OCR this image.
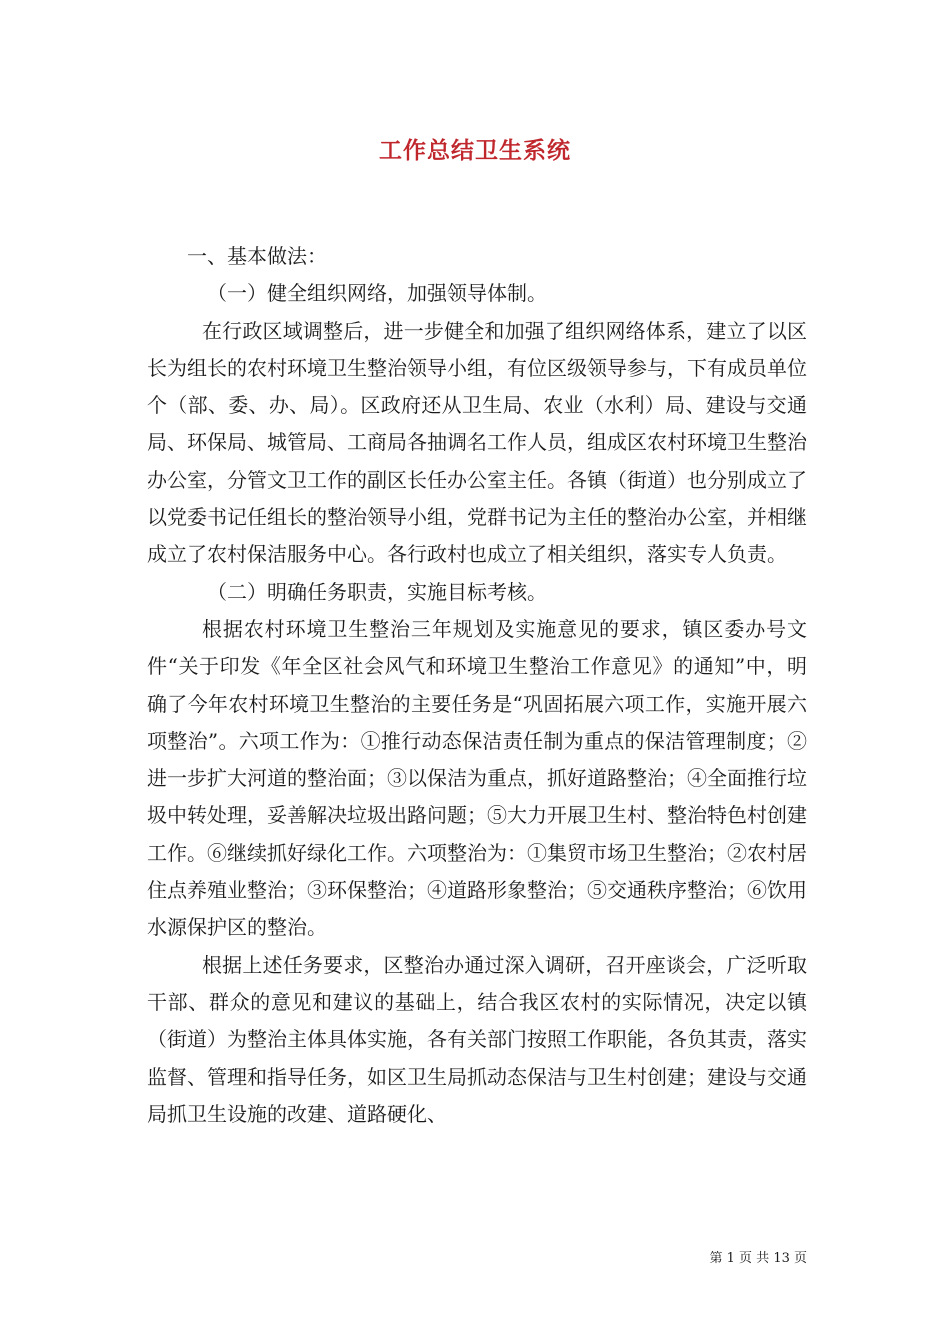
工作总结卫生系统

一、基本做法：

（一）健全组织网络，加强领导体制。

在行政区域调整后，进一步健全和加强了组织网络体系，建立了以区长为组长的农村环境卫生整治领导小组，有位区级领导参与，下有成员单位个（部、委、办、局）。区政府还从卫生局、农业（水利）局、建设与交通局、环保局、城管局、工商局各抽调名工作人员，组成区农村环境卫生整治办公室，分管文卫工作的副区长任办公室主任。各镇（街道）也分别成立了以党委书记任组长的整治领导小组，党群书记为主任的整治办公室，并相继成立了农村保洁服务中心。各行政村也成立了相关组织，落实专人负责。

（二）明确任务职责，实施目标考核。

根据农村环境卫生整治三年规划及实施意见的要求，镇区委办号文件“关于印发《年全区社会风气和环境卫生整治工作意见》的通知”中，明确了今年农村环境卫生整治的主要任务是“巩固拓展六项工作，实施开展六项整治”。六项工作为：①推行动态保洁责任制为重点的保洁管理制度；②进一步扩大河道的整治面；③以保洁为重点，抓好道路整治；④全面推行垃圾中转处理，妥善解决垃圾出路问题；⑤大力开展卫生村、整治特色村创建工作。⑥继续抓好绿化工作。六项整治为：①集贸市场卫生整治；②农村居住点养殖业整治；③环保整治；④道路形象整治；⑤交通秩序整治；⑥饮用水源保护区的整治。

根据上述任务要求，区整治办通过深入调研，召开座谈会，广泛听取干部、群众的意见和建议的基础上，结合我区农村的实际情况，决定以镇（街道）为整治主体具体实施，各有关部门按照工作职能，各负其责，落实监督、管理和指导任务，如区卫生局抓动态保洁与卫生村创建；建设与交通局抓卫生设施的改建、道路硬化、

第 1 页 共 13 页
